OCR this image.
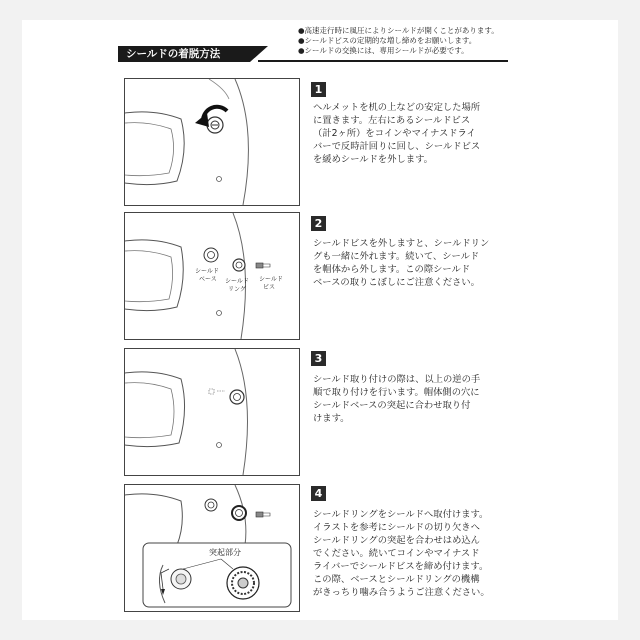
●高速走行時に風圧によりシールドが開くことがあります。
●シールドビスの定期的な増し締めをお願いします。
●シールドの交換には、専用シールドが必要です。
シールドの着脱方法
1
ヘルメットを机の上などの安定した場所
に置きます。左右にあるシールドビス
（計2ヶ所）をコインやマイナスドライ
バーで反時計回りに回し、シールドビス
を緩めシールドを外します。
シールド
ベース シールド
リング
シールド
ビス
2
シールドビスを外しますと、シールドリン
グも一緒に外れます。続いて、シールド
を帽体から外します。この際シールド
ベースの取りこぼしにご注意ください。
3
シールド取り付けの際は、以上の逆の手
順で取り付けを行います。帽体側の穴に
シールドベースの突起に合わせ取り付
けます。
突起部分
4
シールドリングをシールドへ取付けます。
イラストを参考にシールドの切り欠きへ
シールドリングの突起を合わせはめ込ん
でください。続いてコインやマイナスド
ライバーでシールドビスを締め付けます。
この際、ベースとシールドリングの機構
がきっちり噛み合うようご注意ください。
